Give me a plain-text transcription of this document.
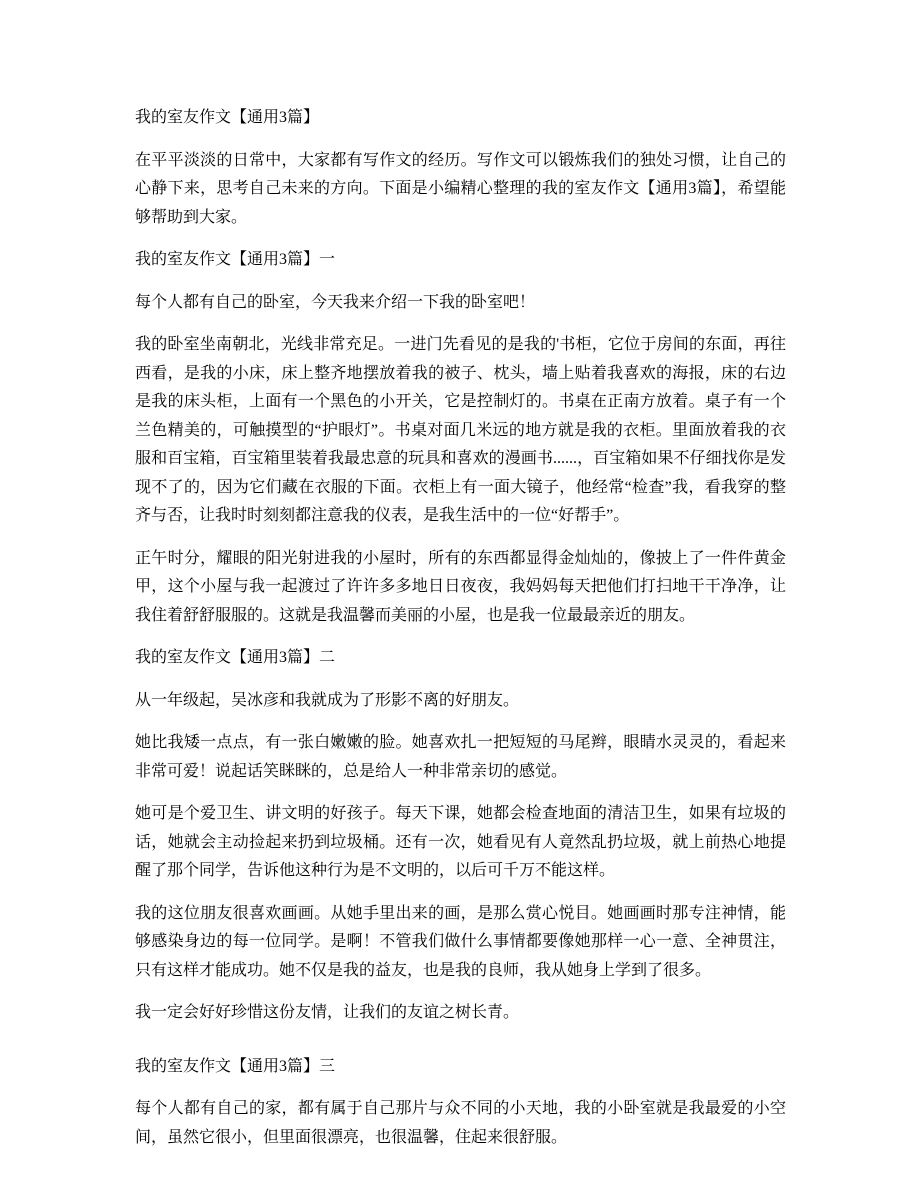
我的室友作文【通用3篇】

在平平淡淡的日常中，大家都有写作文的经历。写作文可以锻炼我们的独处习惯，让自己的心静下来，思考自己未来的方向。下面是小编精心整理的我的室友作文【通用3篇】，希望能够帮助到大家。

我的室友作文【通用3篇】一

每个人都有自己的卧室，今天我来介绍一下我的卧室吧！

我的卧室坐南朝北，光线非常充足。一进门先看见的是我的'书柜，它位于房间的东面，再往西看，是我的小床，床上整齐地摆放着我的被子、枕头，墙上贴着我喜欢的海报，床的右边是我的床头柜，上面有一个黑色的小开关，它是控制灯的。书桌在正南方放着。桌子有一个兰色精美的，可触摸型的“护眼灯”。书桌对面几米远的地方就是我的衣柜。里面放着我的衣服和百宝箱，百宝箱里装着我最忠意的玩具和喜欢的漫画书......，百宝箱如果不仔细找你是发现不了的，因为它们藏在衣服的下面。衣柜上有一面大镜子，他经常“检查”我，看我穿的整齐与否，让我时时刻刻都注意我的仪表，是我生活中的一位“好帮手”。

正午时分，耀眼的阳光射进我的小屋时，所有的东西都显得金灿灿的，像披上了一件件黄金甲，这个小屋与我一起渡过了许许多多地日日夜夜，我妈妈每天把他们打扫地干干净净，让我住着舒舒服服的。这就是我温馨而美丽的小屋，也是我一位最最亲近的朋友。

我的室友作文【通用3篇】二

从一年级起，吴冰彦和我就成为了形影不离的好朋友。

她比我矮一点点，有一张白嫩嫩的脸。她喜欢扎一把短短的马尾辫，眼睛水灵灵的，看起来非常可爱！说起话笑眯眯的，总是给人一种非常亲切的感觉。

她可是个爱卫生、讲文明的好孩子。每天下课，她都会检查地面的清洁卫生，如果有垃圾的话，她就会主动捡起来扔到垃圾桶。还有一次，她看见有人竟然乱扔垃圾，就上前热心地提醒了那个同学，告诉他这种行为是不文明的，以后可千万不能这样。

我的这位朋友很喜欢画画。从她手里出来的画，是那么赏心悦目。她画画时那专注神情，能够感染身边的每一位同学。是啊！不管我们做什么事情都要像她那样一心一意、全神贯注，只有这样才能成功。她不仅是我的益友，也是我的良师，我从她身上学到了很多。

我一定会好好珍惜这份友情，让我们的友谊之树长青。

我的室友作文【通用3篇】三

每个人都有自己的家，都有属于自己那片与众不同的小天地，我的小卧室就是我最爱的小空间，虽然它很小，但里面很漂亮，也很温馨，住起来很舒服。
